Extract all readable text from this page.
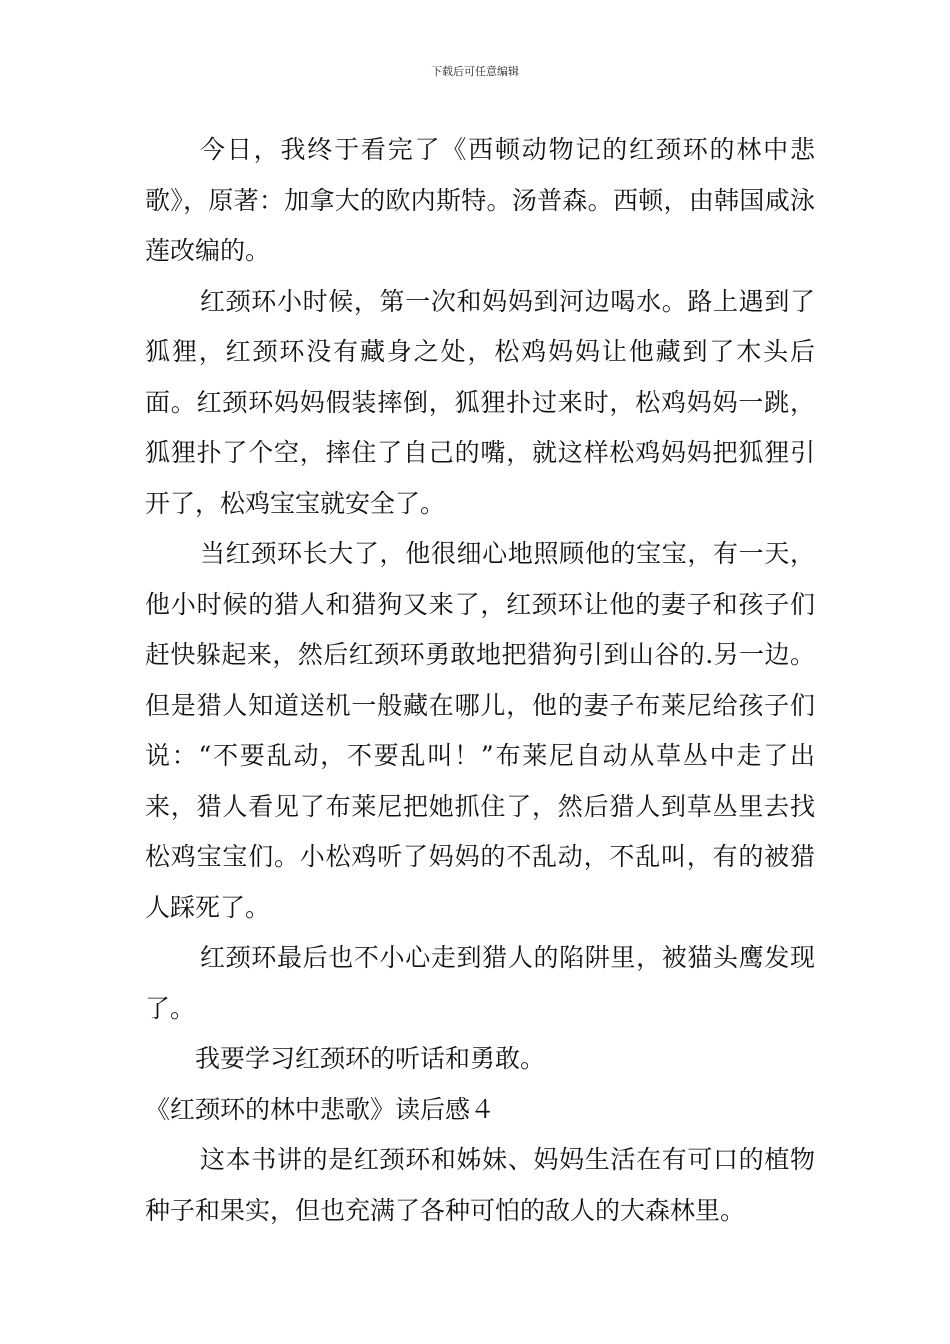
下载后可任意编辑

今日，我终于看完了《西顿动物记的红颈环的林中悲歌》，原著：加拿大的欧内斯特。汤普森。西顿，由韩国咸泳莲改编的。

红颈环小时候，第一次和妈妈到河边喝水。路上遇到了狐狸，红颈环没有藏身之处，松鸡妈妈让他藏到了木头后面。红颈环妈妈假装摔倒，狐狸扑过来时，松鸡妈妈一跳，狐狸扑了个空，摔住了自己的嘴，就这样松鸡妈妈把狐狸引开了，松鸡宝宝就安全了。

当红颈环长大了，他很细心地照顾他的宝宝，有一天，他小时候的猎人和猎狗又来了，红颈环让他的妻子和孩子们赶快躲起来，然后红颈环勇敢地把猎狗引到山谷的.另一边。但是猎人知道送机一般藏在哪儿，他的妻子布莱尼给孩子们说：“不要乱动，不要乱叫！”布莱尼自动从草丛中走了出来，猎人看见了布莱尼把她抓住了，然后猎人到草丛里去找松鸡宝宝们。小松鸡听了妈妈的不乱动，不乱叫，有的被猎人踩死了。

红颈环最后也不小心走到猎人的陷阱里，被猫头鹰发现了。

我要学习红颈环的听话和勇敢。

《红颈环的林中悲歌》读后感４

这本书讲的是红颈环和姊妹、妈妈生活在有可口的植物种子和果实，但也充满了各种可怕的敌人的大森林里。
